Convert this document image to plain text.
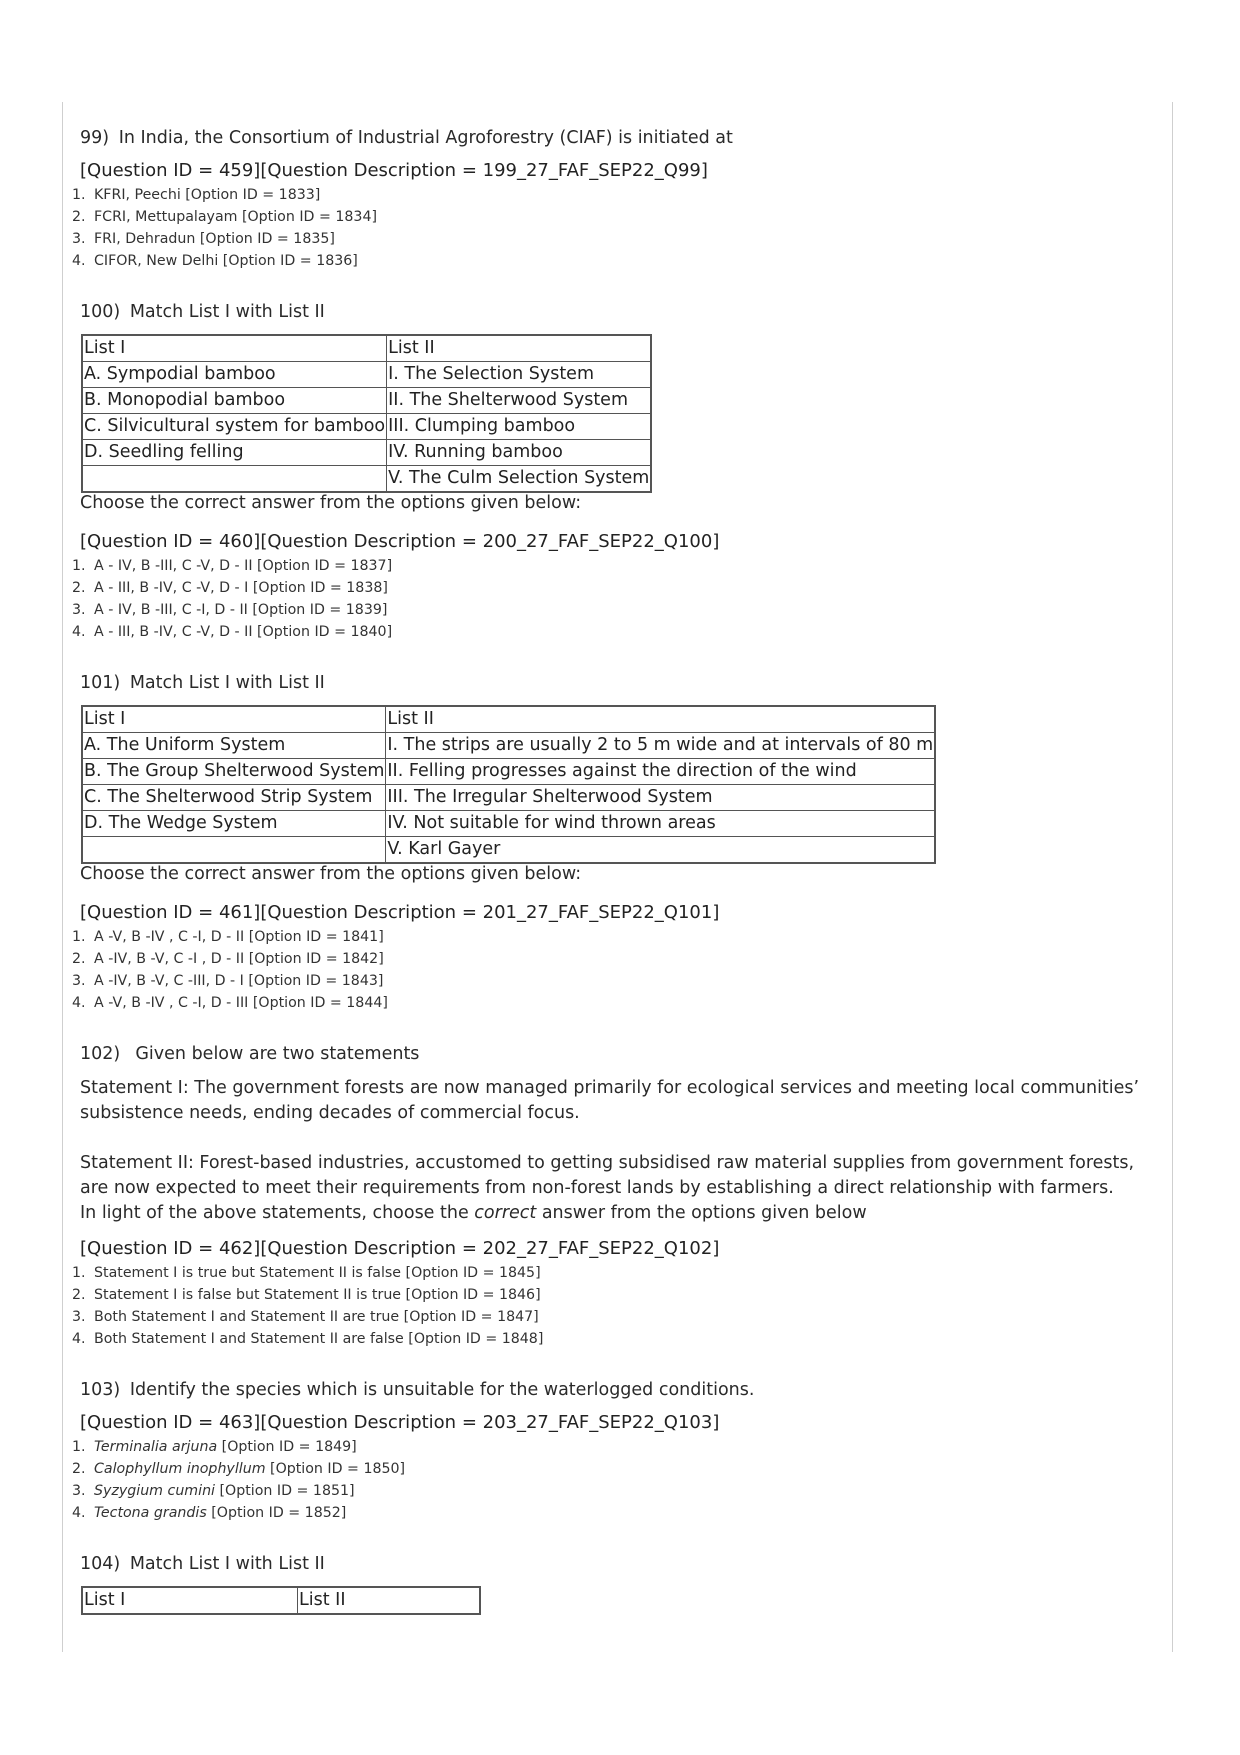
99) In India, the Consortium of Industrial Agroforestry (CIAF) is initiated at

[Question ID = 459][Question Description = 199_27_FAF_SEP22_Q99]

1. KFRI, Peechi [Option ID = 1833]
2. FCRI, Mettupalayam [Option ID = 1834]
3. FRI, Dehradun [Option ID = 1835]
4. CIFOR, New Delhi [Option ID = 1836]

100) Match List I with List II

List I	List II
A. Sympodial bamboo	I. The Selection System
B. Monopodial bamboo	II. The Shelterwood System
C. Silvicultural system for bamboo	III. Clumping bamboo
D. Seedling felling	IV. Running bamboo
	V. The Culm Selection System

Choose the correct answer from the options given below:

[Question ID = 460][Question Description = 200_27_FAF_SEP22_Q100]

1. A - IV, B -III, C -V, D - II [Option ID = 1837]
2. A - III, B -IV, C -V, D - I [Option ID = 1838]
3. A - IV, B -III, C -I, D - II [Option ID = 1839]
4. A - III, B -IV, C -V, D - II [Option ID = 1840]

101) Match List I with List II

List I	List II
A. The Uniform System	I. The strips are usually 2 to 5 m wide and at intervals of 80 m
B. The Group Shelterwood System	II. Felling progresses against the direction of the wind
C. The Shelterwood Strip System	III. The Irregular Shelterwood System
D. The Wedge System	IV. Not suitable for wind thrown areas
	V. Karl Gayer

Choose the correct answer from the options given below:

[Question ID = 461][Question Description = 201_27_FAF_SEP22_Q101]

1. A -V, B -IV , C -I, D - II [Option ID = 1841]
2. A -IV, B -V, C -I , D - II [Option ID = 1842]
3. A -IV, B -V, C -III, D - I [Option ID = 1843]
4. A -V, B -IV , C -I, D - III [Option ID = 1844]

102) Given below are two statements

Statement I: The government forests are now managed primarily for ecological services and meeting local communities’ subsistence needs, ending decades of commercial focus.

Statement II: Forest-based industries, accustomed to getting subsidised raw material supplies from government forests, are now expected to meet their requirements from non-forest lands by establishing a direct relationship with farmers.

In light of the above statements, choose the correct answer from the options given below

[Question ID = 462][Question Description = 202_27_FAF_SEP22_Q102]

1. Statement I is true but Statement II is false [Option ID = 1845]
2. Statement I is false but Statement II is true [Option ID = 1846]
3. Both Statement I and Statement II are true [Option ID = 1847]
4. Both Statement I and Statement II are false [Option ID = 1848]

103) Identify the species which is unsuitable for the waterlogged conditions.

[Question ID = 463][Question Description = 203_27_FAF_SEP22_Q103]

1. Terminalia arjuna [Option ID = 1849]
2. Calophyllum inophyllum [Option ID = 1850]
3. Syzygium cumini [Option ID = 1851]
4. Tectona grandis [Option ID = 1852]

104) Match List I with List II

List I	List II
